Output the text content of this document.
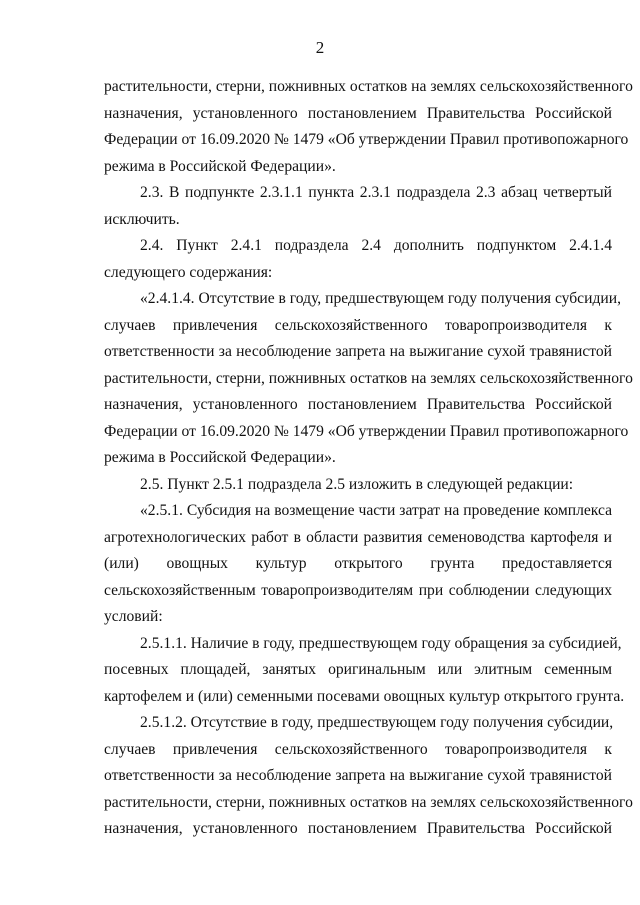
2
растительности, стерни, пожнивных остатков на землях сельскохозяйственного
назначения, установленного постановлением Правительства Российской
Федерации от 16.09.2020 № 1479 «Об утверждении Правил противопожарного
режима в Российской Федерации».
2.3. В подпункте 2.3.1.1 пункта 2.3.1 подраздела 2.3 абзац четвертый
исключить.
2.4. Пункт 2.4.1 подраздела 2.4 дополнить подпунктом 2.4.1.4
следующего содержания:
«2.4.1.4. Отсутствие в году, предшествующем году получения субсидии,
случаев привлечения сельскохозяйственного товаропроизводителя к
ответственности за несоблюдение запрета на выжигание сухой травянистой
растительности, стерни, пожнивных остатков на землях сельскохозяйственного
назначения, установленного постановлением Правительства Российской
Федерации от 16.09.2020 № 1479 «Об утверждении Правил противопожарного
режима в Российской Федерации».
2.5. Пункт 2.5.1 подраздела 2.5 изложить в следующей редакции:
«2.5.1. Субсидия на возмещение части затрат на проведение комплекса
агротехнологических работ в области развития семеноводства картофеля и
(или) овощных культур открытого грунта предоставляется
сельскохозяйственным товаропроизводителям при соблюдении следующих
условий:
2.5.1.1. Наличие в году, предшествующем году обращения за субсидией,
посевных площадей, занятых оригинальным или элитным семенным
картофелем и (или) семенными посевами овощных культур открытого грунта.
2.5.1.2. Отсутствие в году, предшествующем году получения субсидии,
случаев привлечения сельскохозяйственного товаропроизводителя к
ответственности за несоблюдение запрета на выжигание сухой травянистой
растительности, стерни, пожнивных остатков на землях сельскохозяйственного
назначения, установленного постановлением Правительства Российской
